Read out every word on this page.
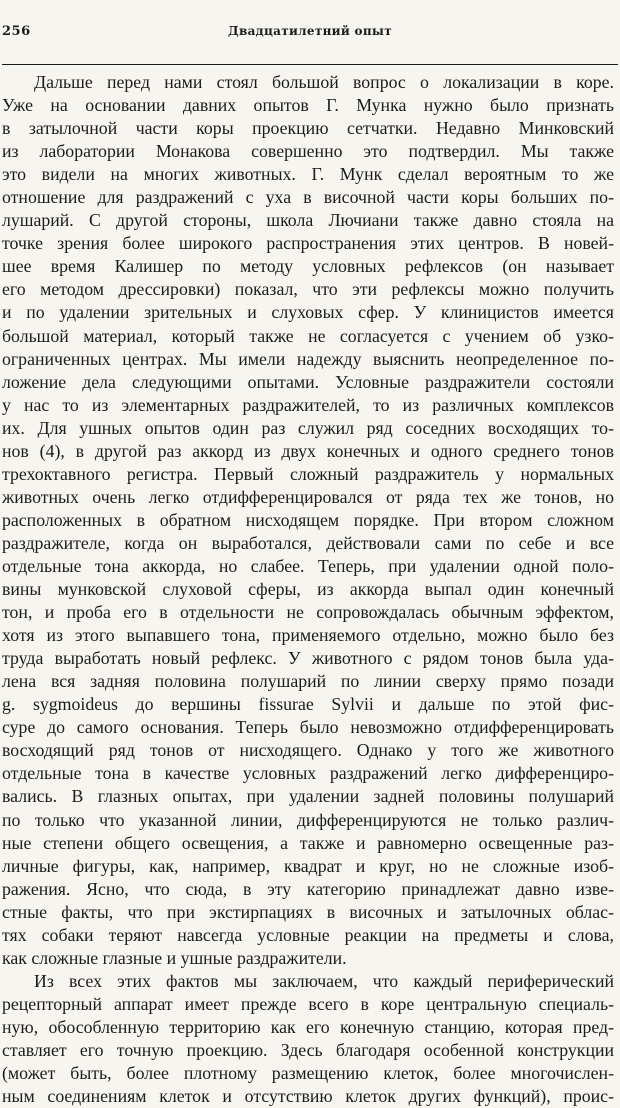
256	Двадцатилетний опыт
Дальше перед нами стоял большой вопрос о локализации в коре.
Уже на основании давних опытов Г. Мунка нужно было признать
в затылочной части коры проекцию сетчатки. Недавно Минковский
из лаборатории Монакова совершенно это подтвердил. Мы также
это видели на многих животных. Г. Мунк сделал вероятным то же
отношение для раздражений с уха в височной части коры больших по-
лушарий. С другой стороны, школа Лючиани также давно стояла на
точке зрения более широкого распространения этих центров. В новей-
шее время Калишер по методу условных рефлексов (он называет
его методом дрессировки) показал, что эти рефлексы можно получить
и по удалении зрительных и слуховых сфер. У клиницистов имеется
большой материал, который также не согласуется с учением об узко-
ограниченных центрах. Мы имели надежду выяснить неопределенное по-
ложение дела следующими опытами. Условные раздражители состояли
у нас то из элементарных раздражителей, то из различных комплексов
их. Для ушных опытов один раз служил ряд соседних восходящих то-
нов (4), в другой раз аккорд из двух конечных и одного среднего тонов
трехоктавного регистра. Первый сложный раздражитель у нормальных
животных очень легко отдифференцировался от ряда тех же тонов, но
расположенных в обратном нисходящем порядке. При втором сложном
раздражителе, когда он выработался, действовали сами по себе и все
отдельные тона аккорда, но слабее. Теперь, при удалении одной поло-
вины мунковской слуховой сферы, из аккорда выпал один конечный
тон, и проба его в отдельности не сопровождалась обычным эффектом,
хотя из этого выпавшего тона, применяемого отдельно, можно было без
труда выработать новый рефлекс. У животного с рядом тонов была уда-
лена вся задняя половина полушарий по линии сверху прямо позади
g. sygmoideus до вершины fissurae Sylvii и дальше по этой фис-
суре до самого основания. Теперь было невозможно отдифференцировать
восходящий ряд тонов от нисходящего. Однако у того же животного
отдельные тона в качестве условных раздражений легко дифференциро-
вались. В глазных опытах, при удалении задней половины полушарий
по только что указанной линии, дифференцируются не только различ-
ные степени общего освещения, а также и равномерно освещенные раз-
личные фигуры, как, например, квадрат и круг, но не сложные изоб-
ражения. Ясно, что сюда, в эту категорию принадлежат давно изве-
стные факты, что при экстирпациях в височных и затылочных облас-
тях собаки теряют навсегда условные реакции на предметы и слова,
как сложные глазные и ушные раздражители.
Из всех этих фактов мы заключаем, что каждый периферический
рецепторный аппарат имеет прежде всего в коре центральную специаль-
ную, обособленную территорию как его конечную станцию, которая пред-
ставляет его точную проекцию. Здесь благодаря особенной конструкции
(может быть, более плотному размещению клеток, более многочислен-
ным соединениям клеток и отсутствию клеток других функций), проис-
